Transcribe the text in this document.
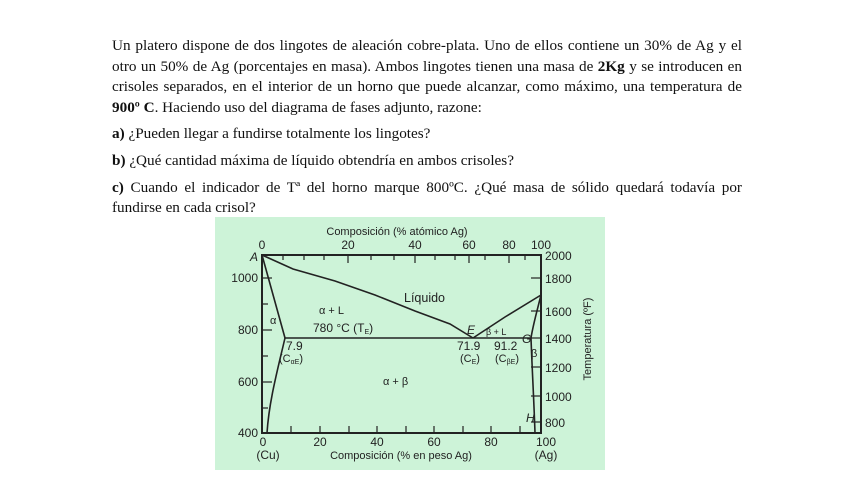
Un platero dispone de dos lingotes de aleación cobre-plata. Uno de ellos contiene un 30% de Ag y el otro un 50% de Ag (porcentajes en masa). Ambos lingotes tienen una masa de 2Kg y se introducen en crisoles separados, en el interior de un horno que puede alcanzar, como máximo, una temperatura de 900º C. Haciendo uso del diagrama de fases adjunto, razone:

a) ¿Pueden llegar a fundirse totalmente los lingotes?

b) ¿Qué cantidad máxima de líquido obtendría en ambos crisoles?

c) Cuando el indicador de Tª del horno marque 800ºC. ¿Qué masa de sólido quedará todavía por fundirse en cada crisol?

Composición (% atómico Ag)
0	20	40	60 80 100
1000
800
600
400
2000
1800
1600
1400
1200
1000
800
Temperatura (ºF)
0	20	40	60	80	100
(Cu)	Composición (% en peso Ag)	(Ag)
A
E
G
H
Líquido
α + L
β + L
α
β
α + β
780 °C (TE)
7.9
(CαE)
71.9
(CE)
91.2
(CβE)
